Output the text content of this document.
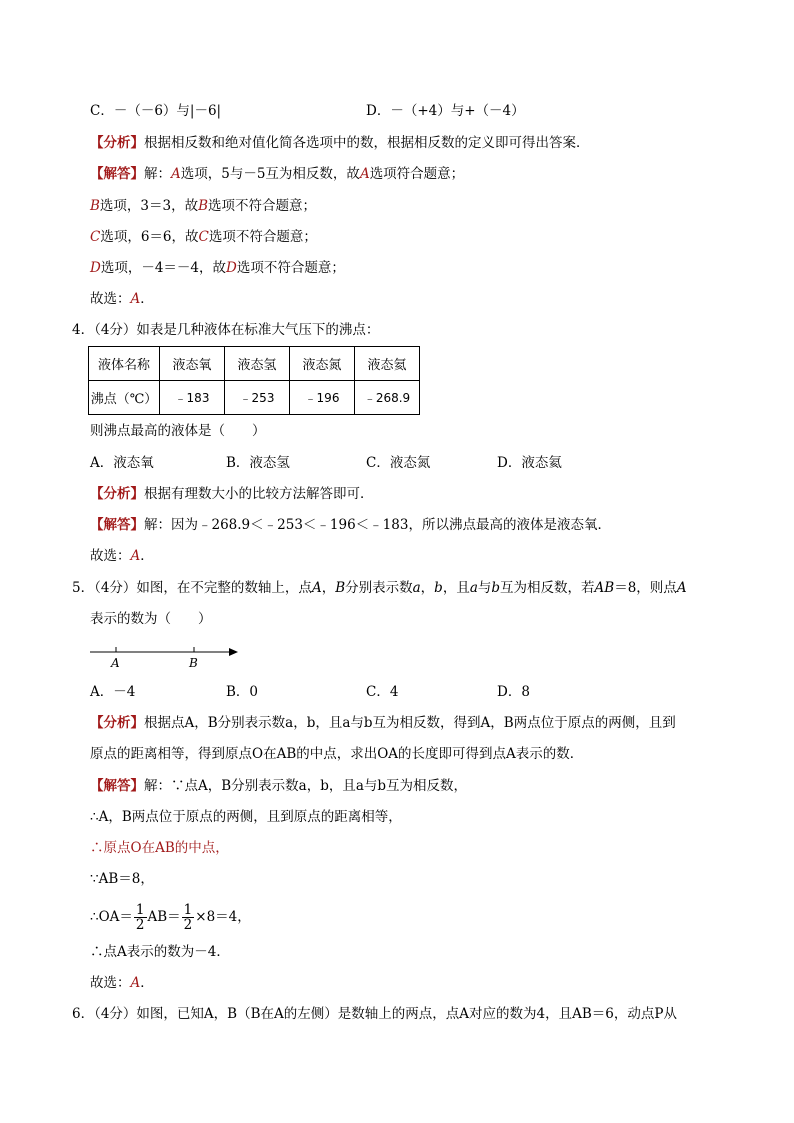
C．－（－6）与|－6|	D．－（+4）与+（－4）
【分析】根据相反数和绝对值化简各选项中的数，根据相反数的定义即可得出答案．
【解答】解：A选项，5与－5互为相反数，故A选项符合题意；
B选项，3＝3，故B选项不符合题意；
C选项，6＝6，故C选项不符合题意；
D选项，－4＝－4，故D选项不符合题意；
故选：A．
4．（4分）如表是几种液体在标准大气压下的沸点：
液体名称	液态氧	液态氢	液态氮	液态氦
沸点（℃）	﹣183	﹣253	﹣196	﹣268.9
则沸点最高的液体是（　　）
A．液态氧	B．液态氢	C．液态氮	D．液态氦
【分析】根据有理数大小的比较方法解答即可．
【解答】解：因为﹣268.9＜﹣253＜﹣196＜﹣183，所以沸点最高的液体是液态氧．
故选：A．
5．（4分）如图，在不完整的数轴上，点A，B分别表示数a，b，且a与b互为相反数，若AB＝8，则点A
表示的数为（　　）
A	B
A．－4	B．0	C．4	D．8
【分析】根据点A，B分别表示数a，b，且a与b互为相反数，得到A，B两点位于原点的两侧，且到
原点的距离相等，得到原点O在AB的中点，求出OA的长度即可得到点A表示的数．
【解答】解：∵点A，B分别表示数a，b，且a与b互为相反数，
∴A，B两点位于原点的两侧，且到原点的距离相等，
∴原点O在AB的中点，
∵AB＝8，
∴OA＝ $\frac{1}{2} AB= \frac{1}{2} \times 8=4$，
∴点A表示的数为－4．
故选：A．
6．（4分）如图，已知A，B（B在A的左侧）是数轴上的两点，点A对应的数为4，且AB＝6，动点P从
